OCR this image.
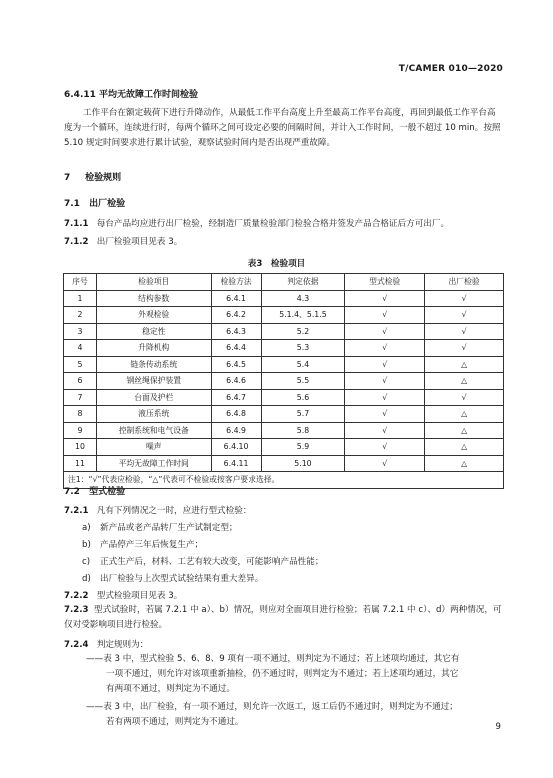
T/CAMER 010—2020
6.4.11 平均无故障工作时间检验
工作平台在额定载荷下进行升降动作，从最低工作平台高度上升至最高工作平台高度，再回到最低工作平台高度为一个循环，连续进行时，每两个循环之间可设定必要的间隔时间，并计入工作时间，一般不超过 10 min。按照 5.10 规定时间要求进行累计试验，观察试验时间内是否出现严重故障。
7 检验规则
7.1 出厂检验
7.1.1 每台产品均应进行出厂检验，经制造厂质量检验部门检验合格并签发产品合格证后方可出厂。
7.1.2 出厂检验项目见表 3。
表3　检验项目
序号	检验项目	检验方法	判定依据	型式检验	出厂检验
1	结构参数	6.4.1	4.3	√	√
2	外观检验	6.4.2	5.1.4、5.1.5	√	√
3	稳定性	6.4.3	5.2	√	√
4	升降机构	6.4.4	5.3	√	√
5	链条传动系统	6.4.5	5.4	√	△
6	钢丝绳保护装置	6.4.6	5.5	√	△
7	台面及护栏	6.4.7	5.6	√	√
8	液压系统	6.4.8	5.7	√	△
9	控制系统和电气设备	6.4.9	5.8	√	△
10	噪声	6.4.10	5.9	√	△
11	平均无故障工作时间	6.4.11	5.10	√	△
注1：“√”代表应检验，“△”代表可不检验或按客户要求选择。					
7.2 型式检验
7.2.1 凡有下列情况之一时，应进行型式检验：
a) 新产品或老产品转厂生产试制定型；
b) 产品停产三年后恢复生产；
c) 正式生产后，材料、工艺有较大改变，可能影响产品性能；
d) 出厂检验与上次型式试验结果有重大差异。
7.2.2 型式检验项目见表 3。
7.2.3 型式试验时，若属 7.2.1 中 a）、b）情况，则应对全面项目进行检验；若属 7.2.1 中 c）、d）两种情况，可仅对受影响项目进行检验。
7.2.4 判定规则为：
——表 3 中，型式检验 5、6、8、9 项有一项不通过，则判定为不通过；若上述项均通过，其它有
一项不通过，则允许对该项重新抽检，仍不通过时，则判定为不通过；若上述项均通过，其它
有两项不通过，则判定为不通过。
——表 3 中，出厂检验，有一项不通过，则允许一次返工，返工后仍不通过时，则判定为不通过；
若有两项不通过，则判定为不通过。	9
